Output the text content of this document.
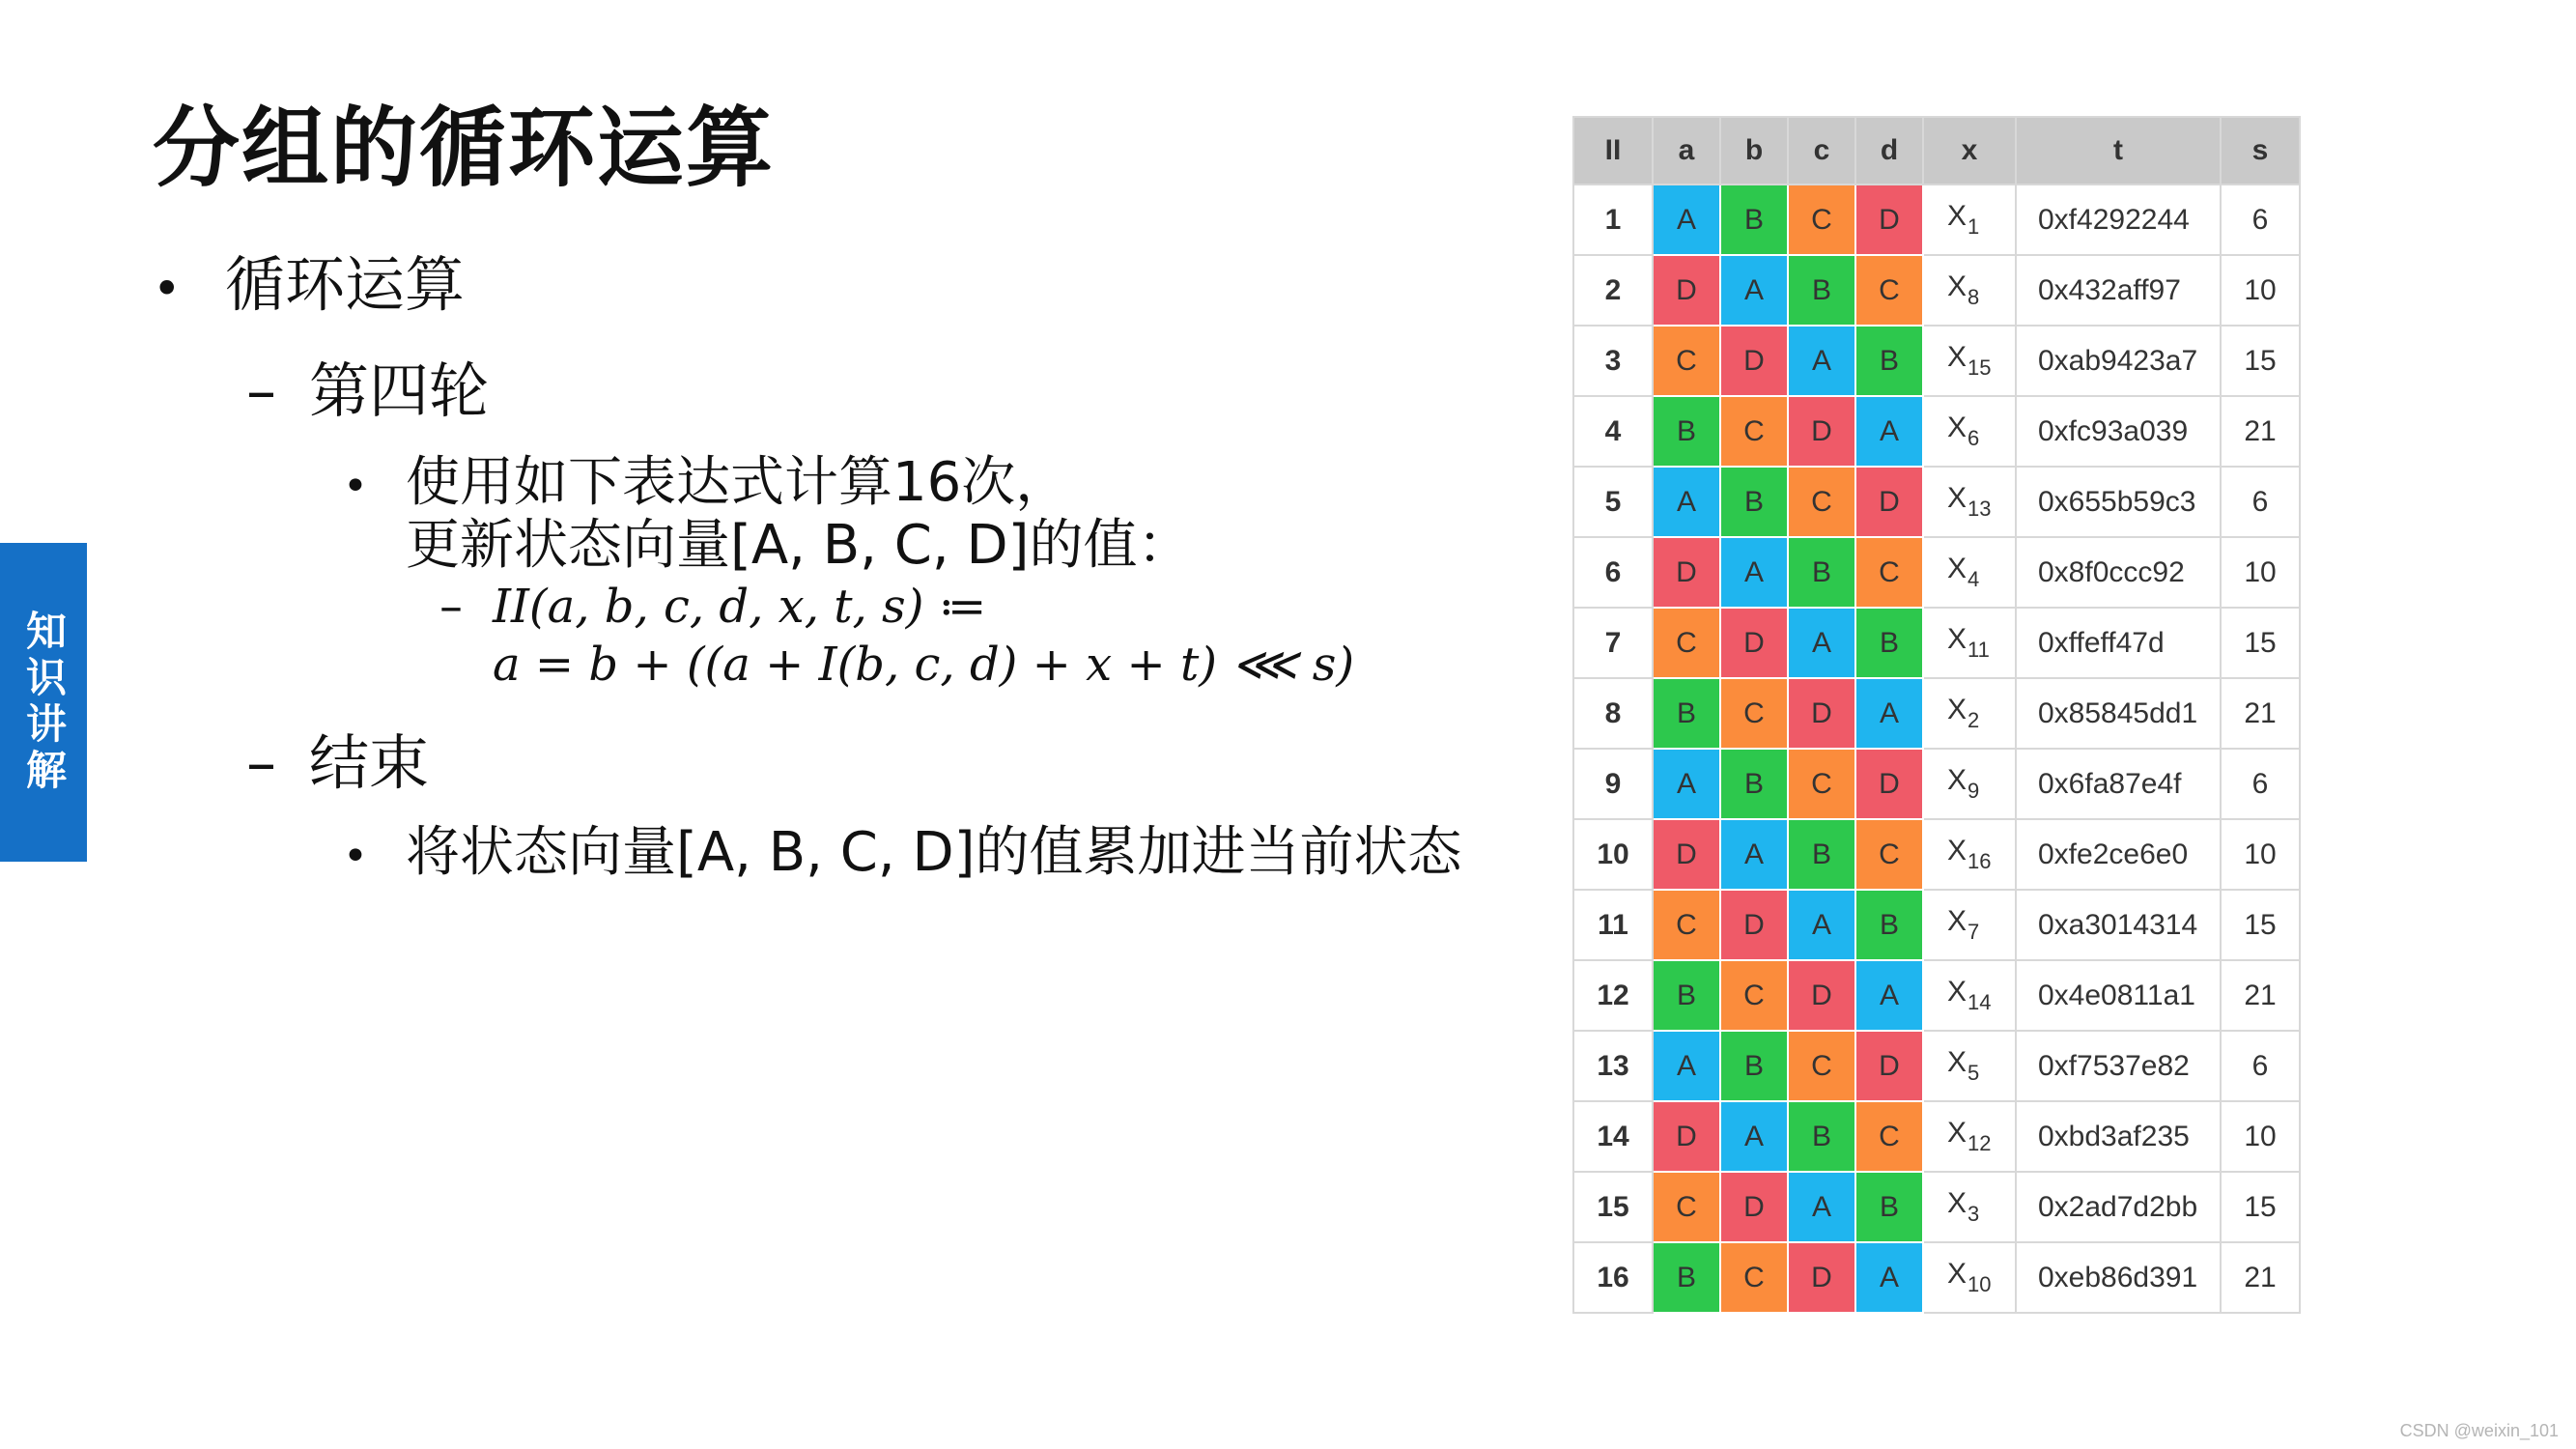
知识讲解
分组的循环运算
• 循环运算
– 第四轮
• 使用如下表达式计算16次，
更新状态向量[A, B, C, D]的值：
– II(a, b, c, d, x, t, s) ≔
a = b + ((a + I(b, c, d) + x + t) ⋘ s)
– 结束
• 将状态向量[A, B, C, D]的值累加进当前状态
II	a	b	c	d	x	t	s
1	A	B	C	D	$X_1$	0xf4292244	6
2	D	A	B	C	$X_8$	0x432aff97	10
3	C	D	A	B	$X_{15}$	0xab9423a7	15
4	B	C	D	A	$X_6$	0xfc93a039	21
5	A	B	C	D	$X_{13}$	0x655b59c3	6
6	D	A	B	C	$X_4$	0x8f0ccc92	10
7	C	D	A	B	$X_{11}$	0xffeff47d	15
8	B	C	D	A	$X_2$	0x85845dd1	21
9	A	B	C	D	$X_9$	0x6fa87e4f	6
10	D	A	B	C	$X_{16}$	0xfe2ce6e0	10
11	C	D	A	B	$X_7$	0xa3014314	15
12	B	C	D	A	$X_{14}$	0x4e0811a1	21
13	A	B	C	D	$X_5$	0xf7537e82	6
14	D	A	B	C	$X_{12}$	0xbd3af235	10
15	C	D	A	B	$X_3$	0x2ad7d2bb	15
16	B	C	D	A	$X_{10}$	0xeb86d391	21
CSDN @weixin_101
